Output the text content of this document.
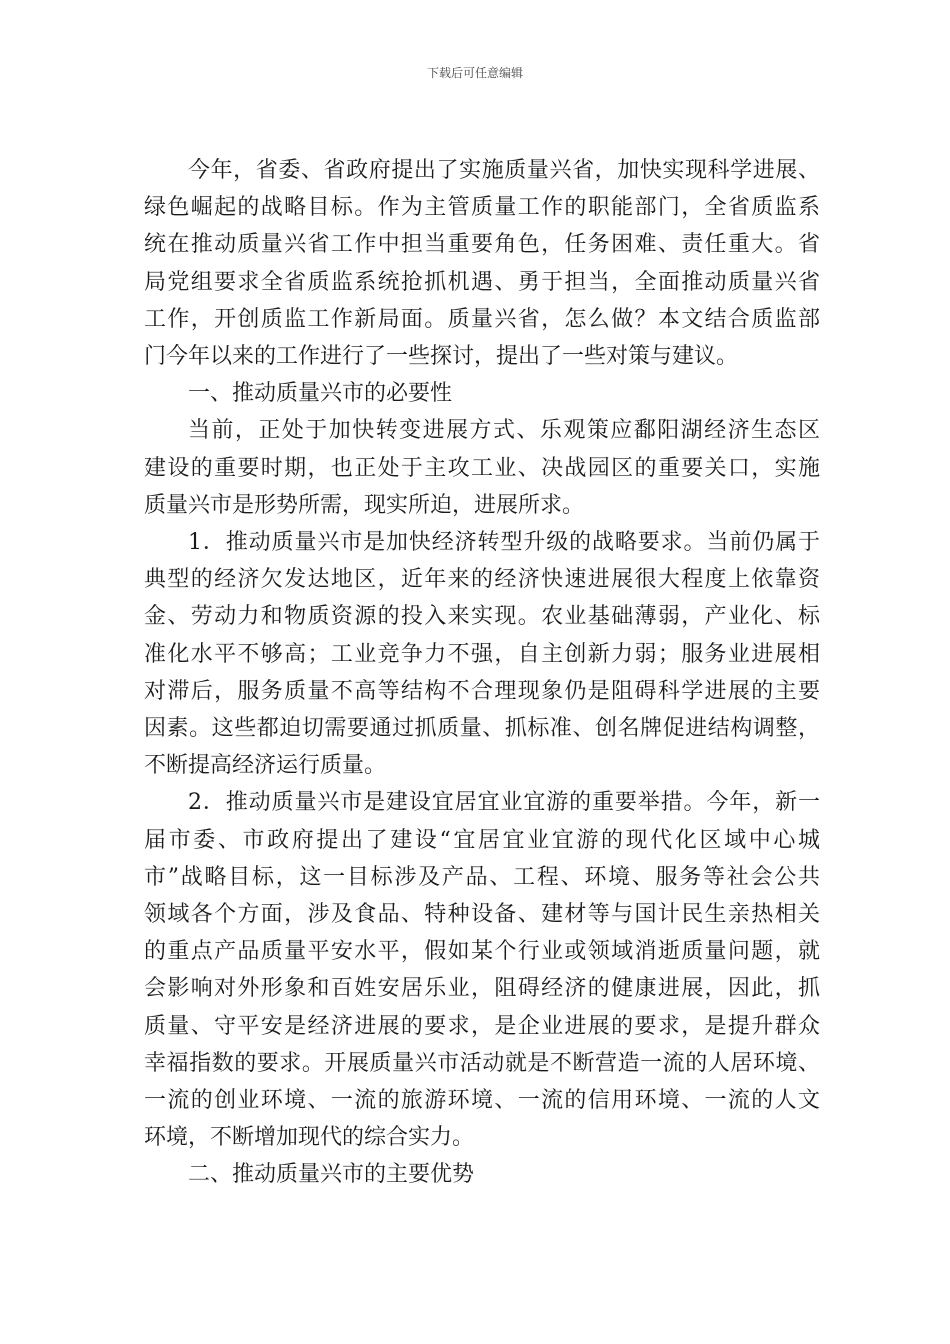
下载后可任意编辑
今年，省委、省政府提出了实施质量兴省，加快实现科学进展、
绿色崛起的战略目标。作为主管质量工作的职能部门，全省质监系
统在推动质量兴省工作中担当重要角色，任务困难、责任重大。省
局党组要求全省质监系统抢抓机遇、勇于担当，全面推动质量兴省
工作，开创质监工作新局面。质量兴省，怎么做？本文结合质监部
门今年以来的工作进行了一些探讨，提出了一些对策与建议。
一、推动质量兴市的必要性
当前，正处于加快转变进展方式、乐观策应鄱阳湖经济生态区
建设的重要时期，也正处于主攻工业、决战园区的重要关口，实施
质量兴市是形势所需，现实所迫，进展所求。
1．推动质量兴市是加快经济转型升级的战略要求。当前仍属于
典型的经济欠发达地区，近年来的经济快速进展很大程度上依靠资
金、劳动力和物质资源的投入来实现。农业基础薄弱，产业化、标
准化水平不够高；工业竞争力不强，自主创新力弱；服务业进展相
对滞后，服务质量不高等结构不合理现象仍是阻碍科学进展的主要
因素。这些都迫切需要通过抓质量、抓标准、创名牌促进结构调整，
不断提高经济运行质量。
2．推动质量兴市是建设宜居宜业宜游的重要举措。今年，新一
届市委、市政府提出了建设“宜居宜业宜游的现代化区域中心城
市”战略目标，这一目标涉及产品、工程、环境、服务等社会公共
领域各个方面，涉及食品、特种设备、建材等与国计民生亲热相关
的重点产品质量平安水平，假如某个行业或领域消逝质量问题，就
会影响对外形象和百姓安居乐业，阻碍经济的健康进展，因此，抓
质量、守平安是经济进展的要求，是企业进展的要求，是提升群众
幸福指数的要求。开展质量兴市活动就是不断营造一流的人居环境、
一流的创业环境、一流的旅游环境、一流的信用环境、一流的人文
环境，不断增加现代的综合实力。
二、推动质量兴市的主要优势
